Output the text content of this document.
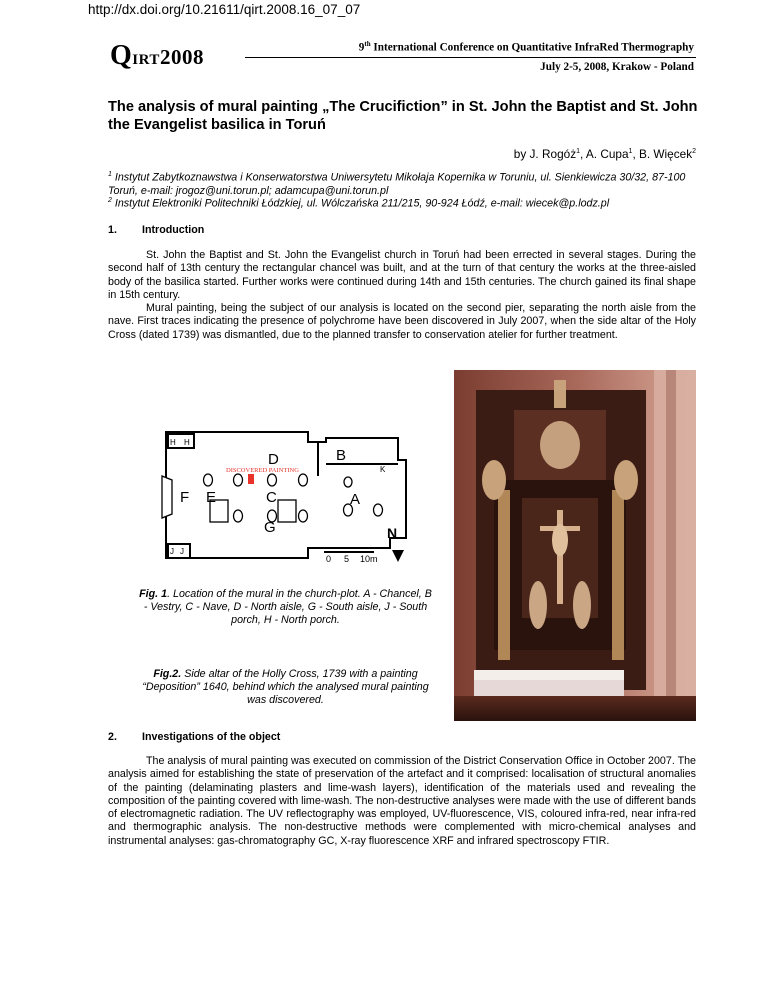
http://dx.doi.org/10.21611/qirt.2008.16_07_07
QIRT2008	9th International Conference on Quantitative InfraRed Thermography
July 2-5, 2008, Krakow - Poland
The analysis of mural painting „The Crucifiction” in St. John the Baptist and St. John the Evangelist basilica in Toruń
by J. Rogóż$^1$, A. Cupa$^1$, B. Więcek$^2$
$^1$ Instytut Zabytkoznawstwa i Konserwatorstwa Uniwersytetu Mikołaja Kopernika w Toruniu, ul. Sienkiewicza 30/32, 87-100 Toruń, e-mail: jrogoz@uni.torun.pl; adamcupa@uni.torun.pl
$^2$ Instytut Elektroniki Politechniki Łódzkiej, ul. Wólczańska 211/215, 90-924 Łódź, e-mail: wiecek@p.lodz.pl
1. Introduction

St. John the Baptist and St. John the Evangelist church in Toruń had been errected in several stages. During the second half of 13th century the rectangular chancel was built, and at the turn of that century the works at the three-aisled body of the basilica started. Further works were continued during 14th and 15th centuries. The church gained its final shape in 15th century.

Mural painting, being the subject of our analysis is located on the second pier, separating the north aisle from the nave. First traces indicating the presence of polychrome have been discovered in July 2007, when the side altar of the Holy Cross (dated 1739) was dismantled, due to the planned transfer to conservation atelier for further treatment.

H H
D	B
K
DISCOVERED PAINTING
F E	C	A
G
J J
N
0 5 10m
Fig. 1. Location of the mural in the church-plot. A - Chancel, B - Vestry, C - Nave, D - North aisle, G - South aisle, J - South porch, H - North porch.
Fig.2. Side altar of the Holly Cross, 1739 with a painting “Deposition” 1640, behind which the analysed mural painting was discovered.
2. Investigations of the object

The analysis of mural painting was executed on commission of the District Conservation Office in October 2007. The analysis aimed for establishing the state of preservation of the artefact and it comprised: localisation of structural anomalies of the painting (delaminating plasters and lime-wash layers), identification of the materials used and revealing the composition of the painting covered with lime-wash. The non-destructive analyses were made with the use of different bands of electromagnetic radiation. The UV reflectography was employed, UV-fluorescence, VIS, coloured infra-red, near infra-red and thermographic analysis. The non-destructive methods were complemented with micro-chemical analyses and instrumental analyses: gas-chromatography GC, X-ray fluorescence XRF and infrared spectroscopy FTIR.
